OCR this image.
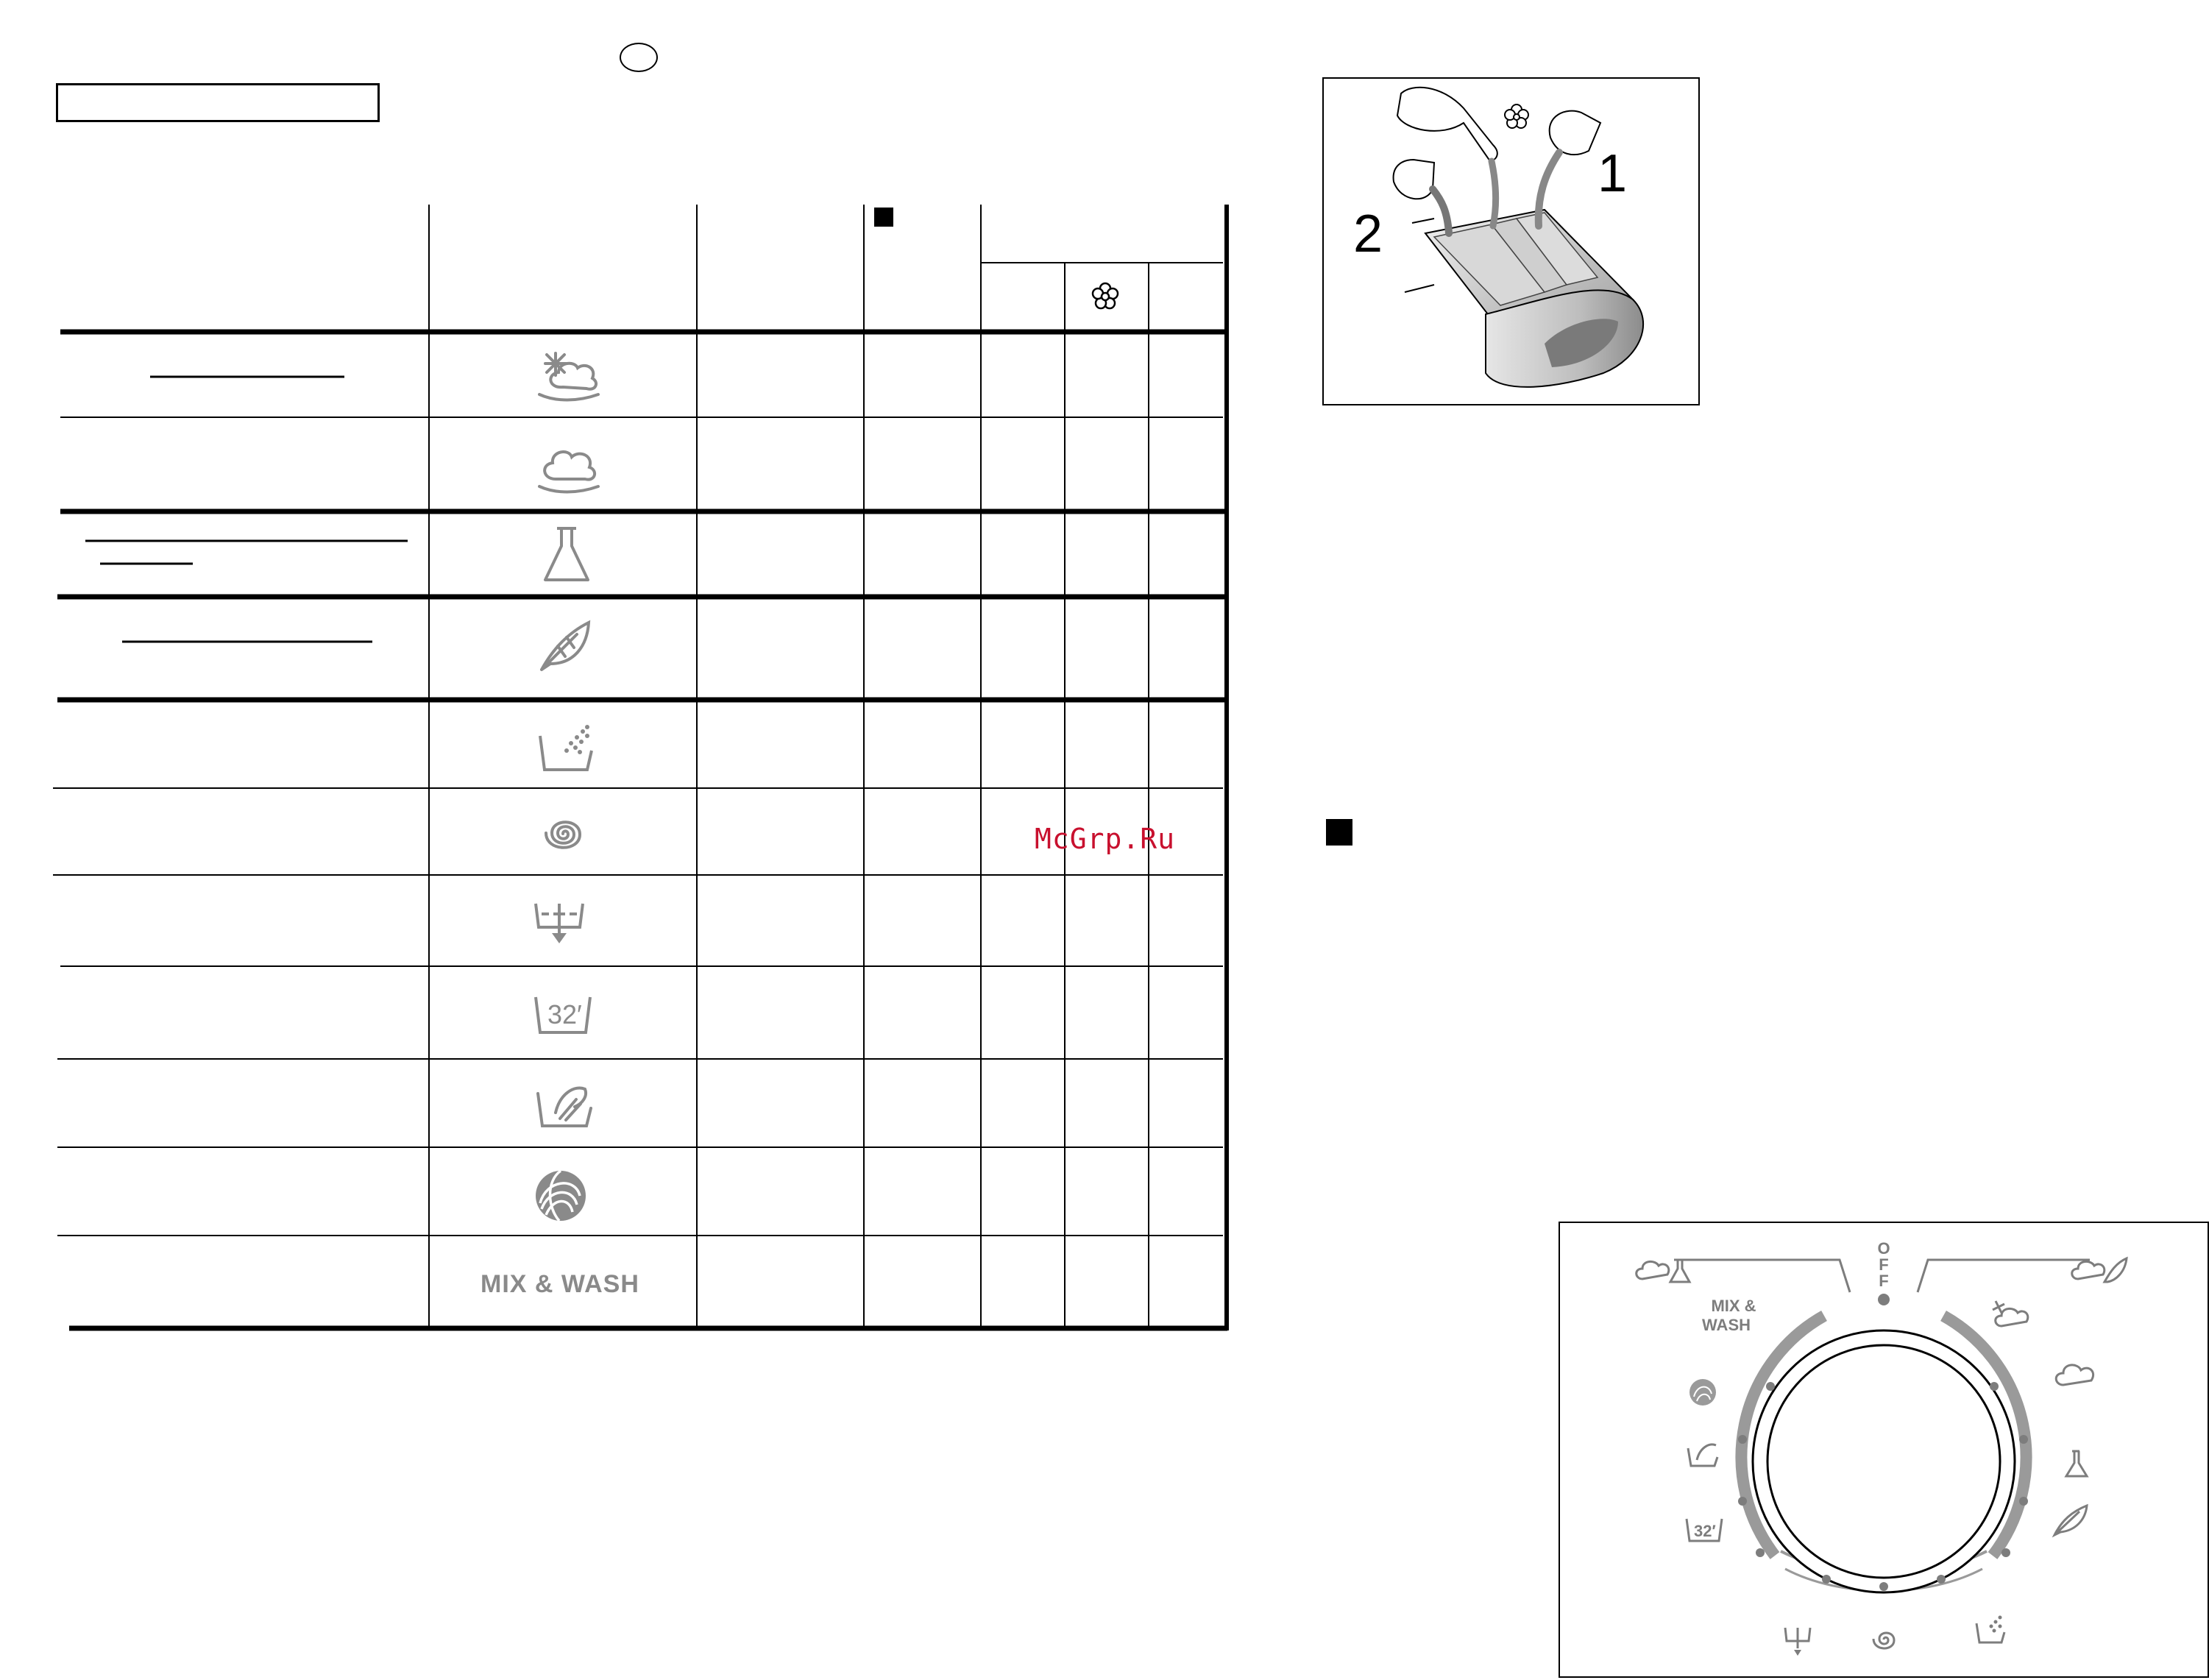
32′
MIX & WASH
McGrp.Ru
1
2
O F F
MIX &
WASH
32′
